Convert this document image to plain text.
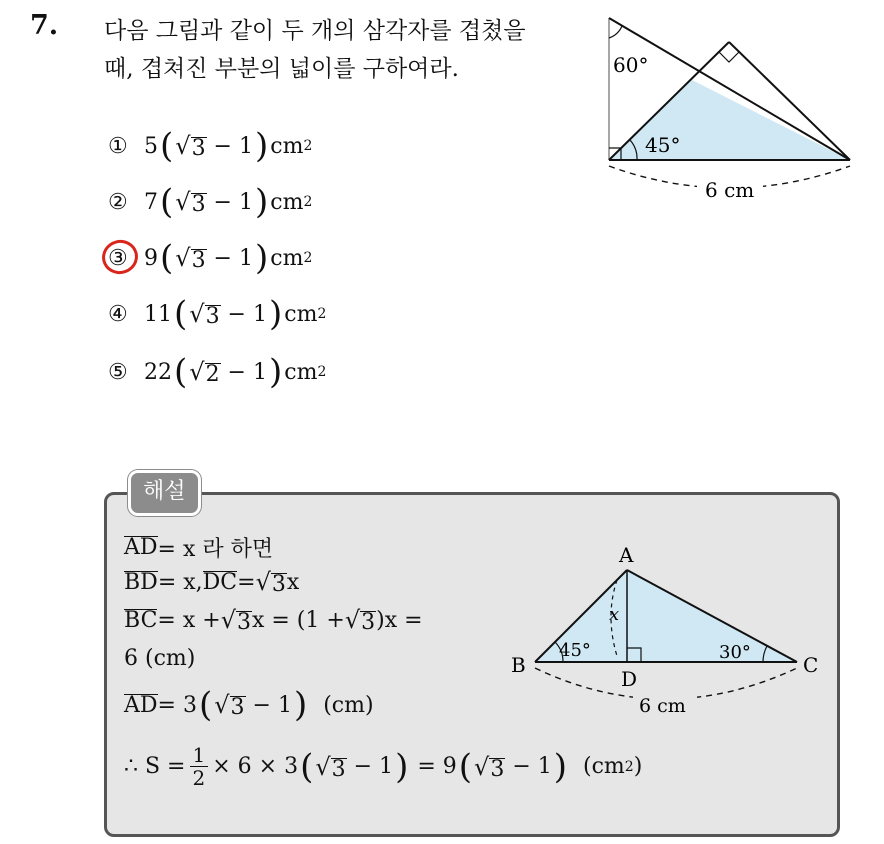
7. 다음 그림과 같이 두 개의 삼각자를 겹쳤을
때, 겹쳐진 부분의 넓이를 구하여라.
① 5 ( √ 3 − 1 ) cm 2
② 7 ( √ 3 − 1 ) cm 2
③ 9 ( √ 3 − 1 ) cm 2
④ 11 ( √ 3 − 1 ) cm 2
⑤ 22 ( √ 2 − 1 ) cm 2
60°
45°
6 cm
해설
AD = x 라 하면
BD = x, DC = √ 3 x
BC = x + √ 3 x = (1 + √ 3 )x =
6 (cm)
AD = 3 ( √ 3 − 1 )
(cm)
∴ $S = \frac{1}{2} \times 6 \times 3$ ( √ 3 − 1 )
= 9 ( √ 3 − 1 )
(cm 2 )
A
B	C
D
x
45°	30°
6 cm
